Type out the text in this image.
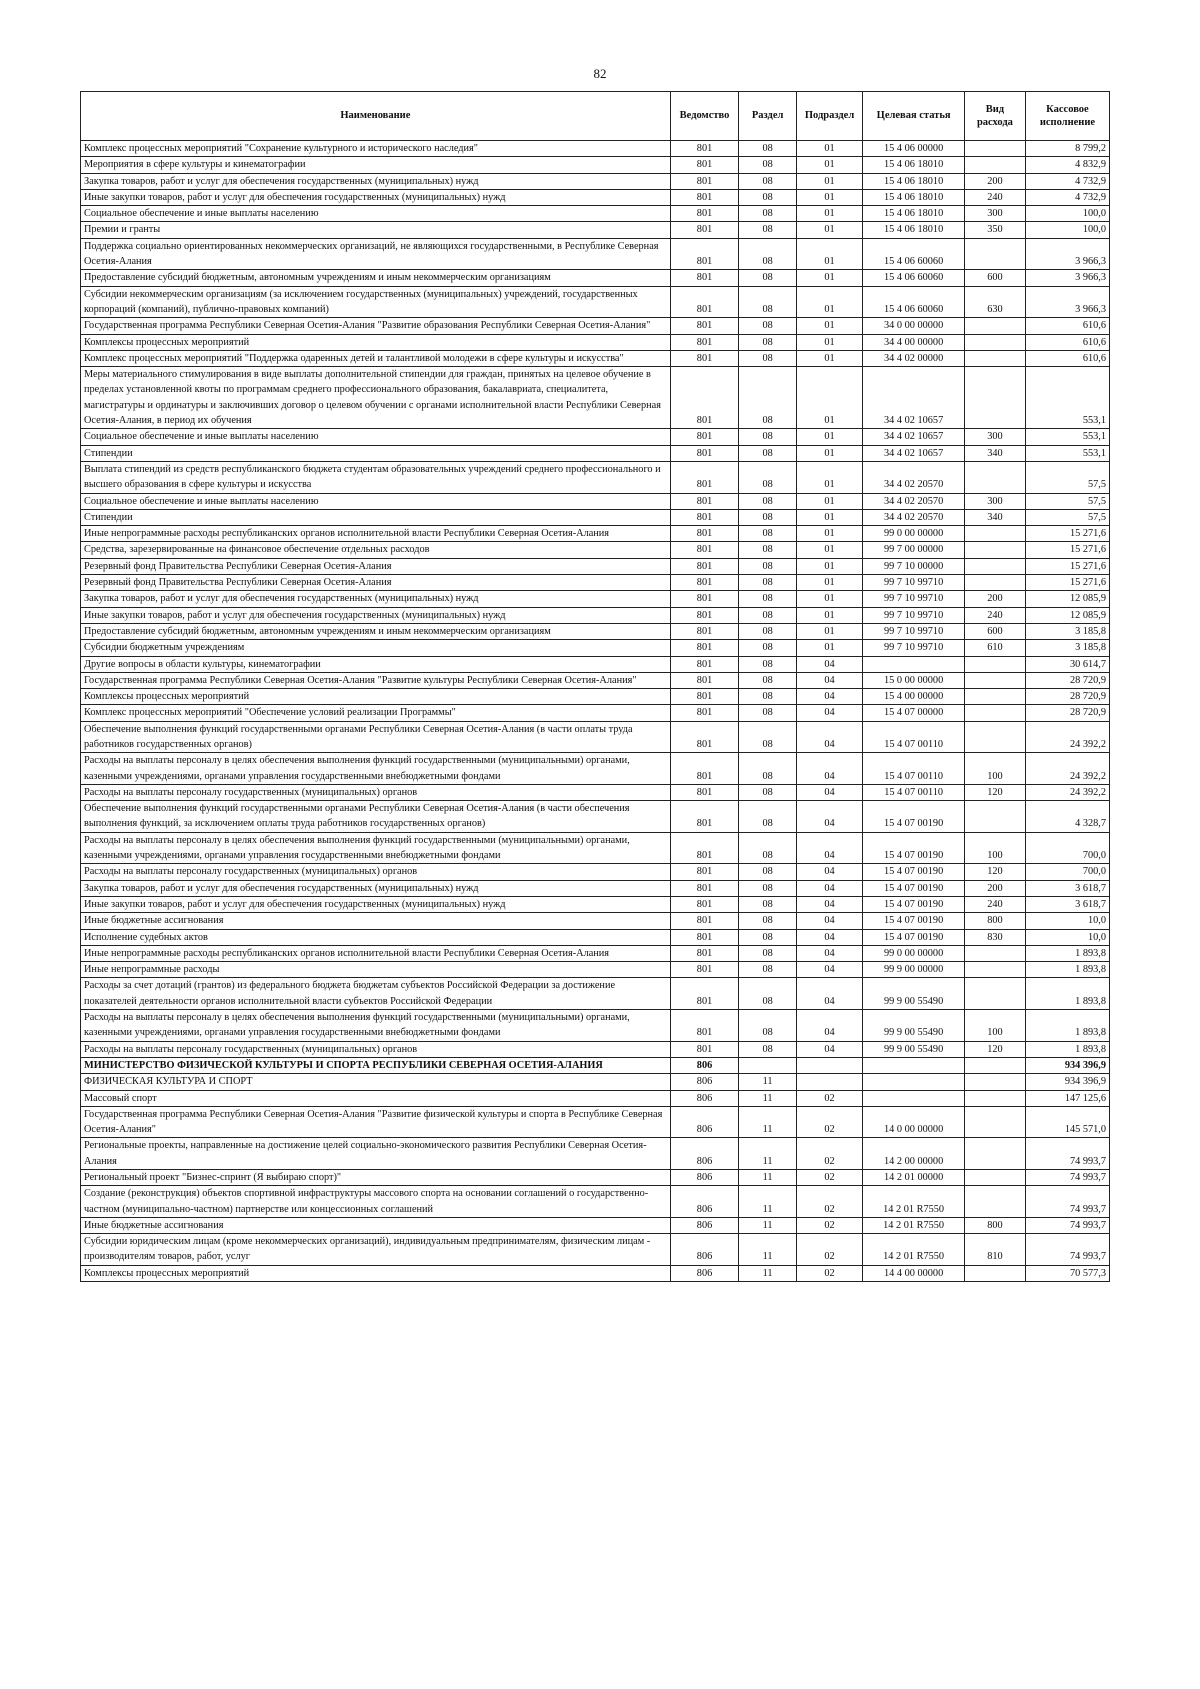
82
Наименование	Ведомство	Раздел	Подраздел	Целевая статья	Вид расхода	Кассовое исполнение
Комплекс процессных мероприятий "Сохранение культурного и исторического наследия"	801	08	01	15 4 06 00000		8 799,2
Мероприятия в сфере культуры и кинематографии	801	08	01	15 4 06 18010		4 832,9
Закупка товаров, работ и услуг для обеспечения государственных (муниципальных) нужд	801	08	01	15 4 06 18010	200	4 732,9
Иные закупки товаров, работ и услуг для обеспечения государственных (муниципальных) нужд	801	08	01	15 4 06 18010	240	4 732,9
Социальное обеспечение и иные выплаты населению	801	08	01	15 4 06 18010	300	100,0
Премии и гранты	801	08	01	15 4 06 18010	350	100,0
Поддержка социально ориентированных некоммерческих организаций, не являющихся государственными, в Республике Северная Осетия-Алания	801	08	01	15 4 06 60060		3 966,3
Предоставление субсидий бюджетным, автономным учреждениям и иным некоммерческим организациям	801	08	01	15 4 06 60060	600	3 966,3
Субсидии некоммерческим организациям (за исключением государственных (муниципальных) учреждений, государственных корпораций (компаний), публично-правовых компаний)	801	08	01	15 4 06 60060	630	3 966,3
Государственная программа Республики Северная Осетия-Алания "Развитие образования Республики Северная Осетия-Алания"	801	08	01	34 0 00 00000		610,6
Комплексы процессных мероприятий	801	08	01	34 4 00 00000		610,6
Комплекс процессных мероприятий "Поддержка одаренных детей и талантливой молодежи в сфере культуры и искусства"	801	08	01	34 4 02 00000		610,6
Меры материального стимулирования в виде выплаты дополнительной стипендии для граждан, принятых на целевое обучение в пределах установленной квоты по программам среднего профессионального образования, бакалавриата, специалитета, магистратуры и ординатуры и заключивших договор о целевом обучении с органами исполнительной власти Республики Северная Осетия-Алания, в период их обучения	801	08	01	34 4 02 10657		553,1
Социальное обеспечение и иные выплаты населению	801	08	01	34 4 02 10657	300	553,1
Стипендии	801	08	01	34 4 02 10657	340	553,1
Выплата стипендий из средств республиканского бюджета студентам образовательных учреждений среднего профессионального и высшего образования в сфере культуры и искусства	801	08	01	34 4 02 20570		57,5
Социальное обеспечение и иные выплаты населению	801	08	01	34 4 02 20570	300	57,5
Стипендии	801	08	01	34 4 02 20570	340	57,5
Иные непрограммные расходы республиканских органов исполнительной власти Республики Северная Осетия-Алания	801	08	01	99 0 00 00000		15 271,6
Средства, зарезервированные на финансовое обеспечение отдельных расходов	801	08	01	99 7 00 00000		15 271,6
Резервный фонд Правительства Республики Северная Осетия-Алания	801	08	01	99 7 10 00000		15 271,6
Резервный фонд Правительства Республики Северная Осетия-Алания	801	08	01	99 7 10 99710		15 271,6
Закупка товаров, работ и услуг для обеспечения государственных (муниципальных) нужд	801	08	01	99 7 10 99710	200	12 085,9
Иные закупки товаров, работ и услуг для обеспечения государственных (муниципальных) нужд	801	08	01	99 7 10 99710	240	12 085,9
Предоставление субсидий бюджетным, автономным учреждениям и иным некоммерческим организациям	801	08	01	99 7 10 99710	600	3 185,8
Субсидии бюджетным учреждениям	801	08	01	99 7 10 99710	610	3 185,8
Другие вопросы в области культуры, кинематографии	801	08	04			30 614,7
Государственная программа Республики Северная Осетия-Алания "Развитие культуры Республики Северная Осетия-Алания"	801	08	04	15 0 00 00000		28 720,9
Комплексы процессных мероприятий	801	08	04	15 4 00 00000		28 720,9
Комплекс процессных мероприятий "Обеспечение условий реализации Программы"	801	08	04	15 4 07 00000		28 720,9
Обеспечение выполнения функций государственными органами Республики Северная Осетия-Алания (в части оплаты труда работников государственных органов)	801	08	04	15 4 07 00110		24 392,2
Расходы на выплаты персоналу в целях обеспечения выполнения функций государственными (муниципальными) органами, казенными учреждениями, органами управления государственными внебюджетными фондами	801	08	04	15 4 07 00110	100	24 392,2
Расходы на выплаты персоналу государственных (муниципальных) органов	801	08	04	15 4 07 00110	120	24 392,2
Обеспечение выполнения функций государственными органами Республики Северная Осетия-Алания (в части обеспечения выполнения функций, за исключением оплаты труда работников государственных органов)	801	08	04	15 4 07 00190		4 328,7
Расходы на выплаты персоналу в целях обеспечения выполнения функций государственными (муниципальными) органами, казенными учреждениями, органами управления государственными внебюджетными фондами	801	08	04	15 4 07 00190	100	700,0
Расходы на выплаты персоналу государственных (муниципальных) органов	801	08	04	15 4 07 00190	120	700,0
Закупка товаров, работ и услуг для обеспечения государственных (муниципальных) нужд	801	08	04	15 4 07 00190	200	3 618,7
Иные закупки товаров, работ и услуг для обеспечения государственных (муниципальных) нужд	801	08	04	15 4 07 00190	240	3 618,7
Иные бюджетные ассигнования	801	08	04	15 4 07 00190	800	10,0
Исполнение судебных актов	801	08	04	15 4 07 00190	830	10,0
Иные непрограммные расходы республиканских органов исполнительной власти Республики Северная Осетия-Алания	801	08	04	99 0 00 00000		1 893,8
Иные непрограммные расходы	801	08	04	99 9 00 00000		1 893,8
Расходы за счет дотаций (грантов) из федерального бюджета бюджетам субъектов Российской Федерации за достижение показателей деятельности органов исполнительной власти субъектов Российской Федерации	801	08	04	99 9 00 55490		1 893,8
Расходы на выплаты персоналу в целях обеспечения выполнения функций государственными (муниципальными) органами, казенными учреждениями, органами управления государственными внебюджетными фондами	801	08	04	99 9 00 55490	100	1 893,8
Расходы на выплаты персоналу государственных (муниципальных) органов	801	08	04	99 9 00 55490	120	1 893,8
МИНИСТЕРСТВО ФИЗИЧЕСКОЙ КУЛЬТУРЫ И СПОРТА РЕСПУБЛИКИ СЕВЕРНАЯ ОСЕТИЯ-АЛАНИЯ	806					934 396,9
ФИЗИЧЕСКАЯ КУЛЬТУРА И СПОРТ	806	11				934 396,9
Массовый спорт	806	11	02			147 125,6
Государственная программа Республики Северная Осетия-Алания "Развитие физической культуры и спорта в Республике Северная Осетия-Алания"	806	11	02	14 0 00 00000		145 571,0
Региональные проекты, направленные на достижение целей социально-экономического развития Республики Северная Осетия-Алания	806	11	02	14 2 00 00000		74 993,7
Региональный проект "Бизнес-спринт (Я выбираю спорт)"	806	11	02	14 2 01 00000		74 993,7
Создание (реконструкция) объектов спортивной инфраструктуры массового спорта на основании соглашений о государственно-частном (муниципально-частном) партнерстве или концессионных соглашений	806	11	02	14 2 01 R7550		74 993,7
Иные бюджетные ассигнования	806	11	02	14 2 01 R7550	800	74 993,7
Субсидии юридическим лицам (кроме некоммерческих организаций), индивидуальным предпринимателям, физическим лицам - производителям товаров, работ, услуг	806	11	02	14 2 01 R7550	810	74 993,7
Комплексы процессных мероприятий	806	11	02	14 4 00 00000		70 577,3
